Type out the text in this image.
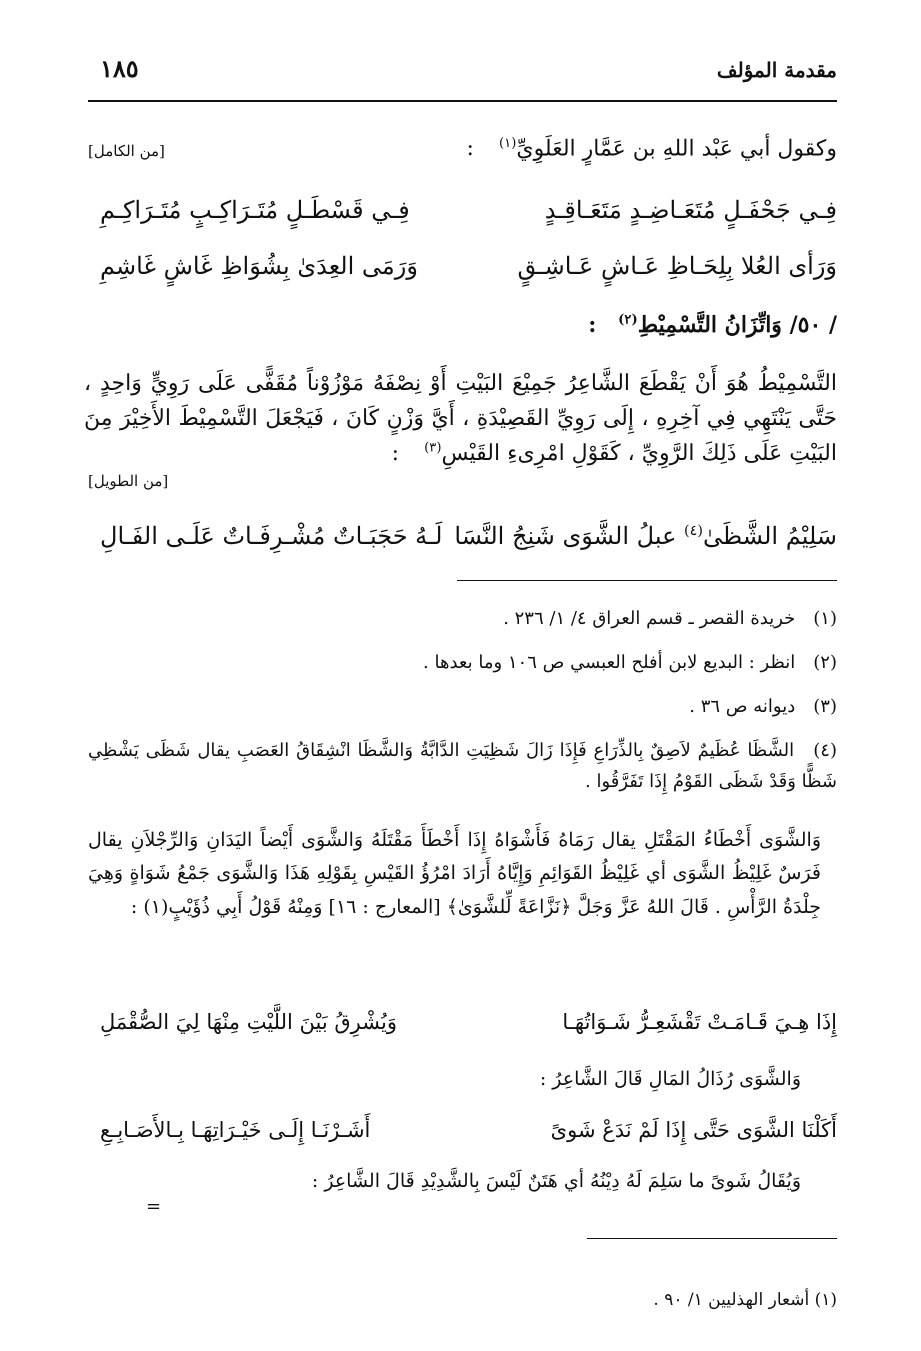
مقدمة المؤلف
١٨٥
وكقول أبي عَبْد اللهِ بن عَمَّارٍ العَلَوِيِّ$^{(١)}$ :
[من الكامل]
فِـي جَحْفَـلٍ مُتَعَـاضِـدٍ مَتَعَـاقِـدٍ
فِـي قَسْطَـلٍ مُتَـرَاكِـبٍ مُتَـرَاكِـمِ
وَرَأى العُلا بِلِحَـاظِ عَـاشٍ عَـاشِـقٍ
وَرَمَى العِدَىٰ بِشُوَاظِ غَاشٍ غَاشِمِ
/ ٥٠/ وَاتِّزَانُ التَّسْمِيْطِ$^{(٢)}$ :
التَّسْمِيْطُ هُوَ أَنْ يَقْطَعَ الشَّاعِرُ جَمِيْعَ البَيْتِ أَوْ نِصْفَهُ مَوْزُوْناً مُقَفًّى عَلَى رَوِيٍّ وَاحِدٍ ، حَتَّى يَنْتَهِي فِي آخِرِهِ ، إِلَى رَوِيِّ القَصِيْدَةِ ، أَيَّ وَزْنٍ كَانَ ، فَيَجْعَلَ التَّسْمِيْطَ الأَخِيْرَ مِنَ البَيْتِ عَلَى ذَلِكَ الرَّوِيِّ ، كَقَوْلِ امْرِىءِ القَيْسِ$^{(٣)}$ :
[من الطويل]
سَلِيْمُ الشَّظَىٰ$^{(٤)}$ عبلُ الشَّوَى شَنِجُ النَّسَا
لَـهُ حَجَبَـاتٌ مُشْـرِفَـاتٌ عَلَـى الفَـالِ
(١) خريدة القصر ـ قسم العراق ٤/ ١/ ٢٣٦ .
(٢) انظر : البديع لابن أفلح العبسي ص ١٠٦ وما بعدها .
(٣) ديوانه ص ٣٦ .
(٤) الشَّظَا عُظَيمٌ لاَصِقٌ بِالذِّرَاعِ فَإِذَا زَالَ شَظِيَتِ الدَّابَّةُ وَالشَّظَا انْشِقَاقُ العَصَبِ يقال شَظَى يَشْظِي شَظًّا وَقَدْ شَظَى القَوْمُ إِذَا تَفَرَّقُوا .
وَالشَّوَى أَخْطَاءُ المَقْتَلِ يقال رَمَاهُ فَأَشْوَاهُ إِذَا أَخْطَأَ مَقْتَلَهُ وَالشَّوَى أَيْضاً اليَدَانِ وَالرِّجْلاَنِ يقال فَرَسٌ غَلِيْظُ الشَّوَى أي غَلِيْظُ القَوَائِمِ وَإِيَّاهُ أَرَادَ امْرُؤُ القَيْسِ بِقَوْلِهِ هَذَا وَالشَّوَى جَمْعُ شَوَاةٍ وَهِيَ جِلْدَةُ الرَّأْسِ . قَالَ اللهُ عَزَّ وَجَلَّ ﴿نَزَّاعَةً لِّلشَّوَىٰ﴾ [المعارج : ١٦] وَمِنْهُ قَوْلُ أَبِي ذُؤَيْبٍ(١) :
إِذَا هِـيَ قَـامَـتْ تَقْشَعِـرُّ شَـوَاتُهَـا
وَيُشْرِقُ بَيْنَ اللَّيْتِ مِنْهَا لِيَ الصُّقْمَلِ
وَالشَّوَى رُذَالُ المَالِ قَالَ الشَّاعِرُ :
أَكَلْنَا الشَّوَى حَتَّى إِذَا لَمْ نَدَعْ شَوىً
أَشَـرْنَـا إِلَـى خَيْـرَاتِهَـا بِـالأَصَـابِـعِ
وَيُقَالُ شَوىً ما سَلِمَ لَهُ دِيْنُهُ أي هَتَنٌ لَيْسَ بِالشَّدِيْدِ قَالَ الشَّاعِرُ :
=
(١) أشعار الهذليين ١/ ٩٠ .
